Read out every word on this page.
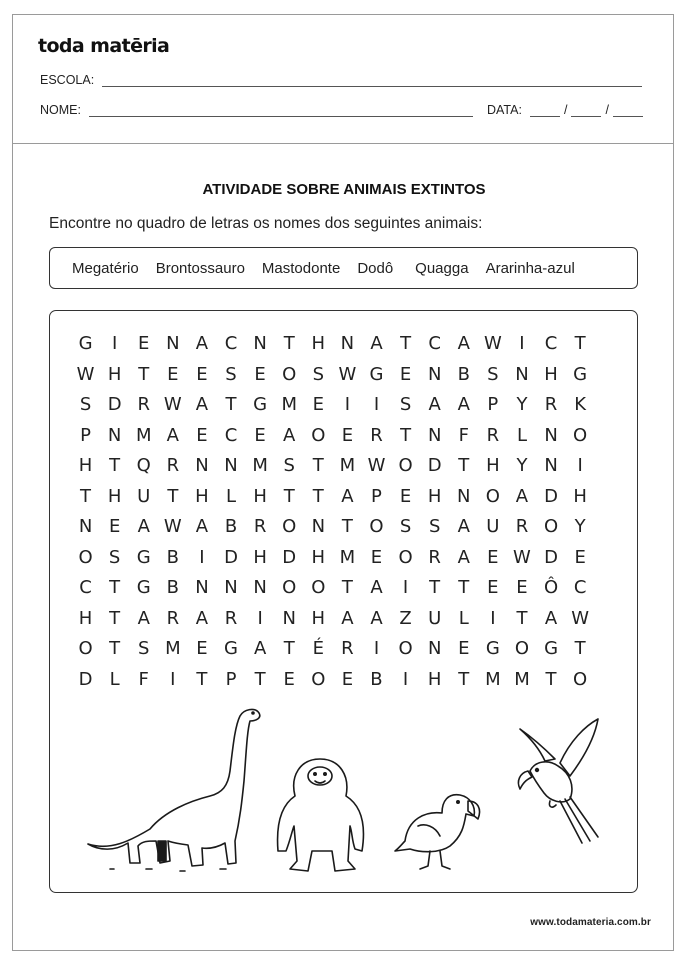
toda matēria
ESCOLA:
NOME:	DATA:	/	/
ATIVIDADE SOBRE ANIMAIS EXTINTOS
Encontre no quadro de letras os nomes dos seguintes animais:
Megatério Brontossauro Mastodonte Dodô Quagga Ararinha-azul
G	I	E N A C N T H N A T C A W I	C T
W H T E E S E O S W G E N B S N H G
S D R W A T G M E	I	I	S A A P	Y R K
P N M A E C E A O E R T N F R L N O
H T Q R N N M S T M W O D T H Y N	I
T H U T H L H T	T A P E H N O A D H
N E A W A B R O N T O S S A U R O Y
O S G B	I	D H D H M E O R A E W D E
C T G B N N N O O T A	I	T	T E E Ô C
H T A R A R	I	N H A A Z U L	I	T A W
O T S M E G A T É R	I	O N E G O G T
D L	F	I	T	P	T E O E B	I	H T M M T O
www.todamateria.com.br
